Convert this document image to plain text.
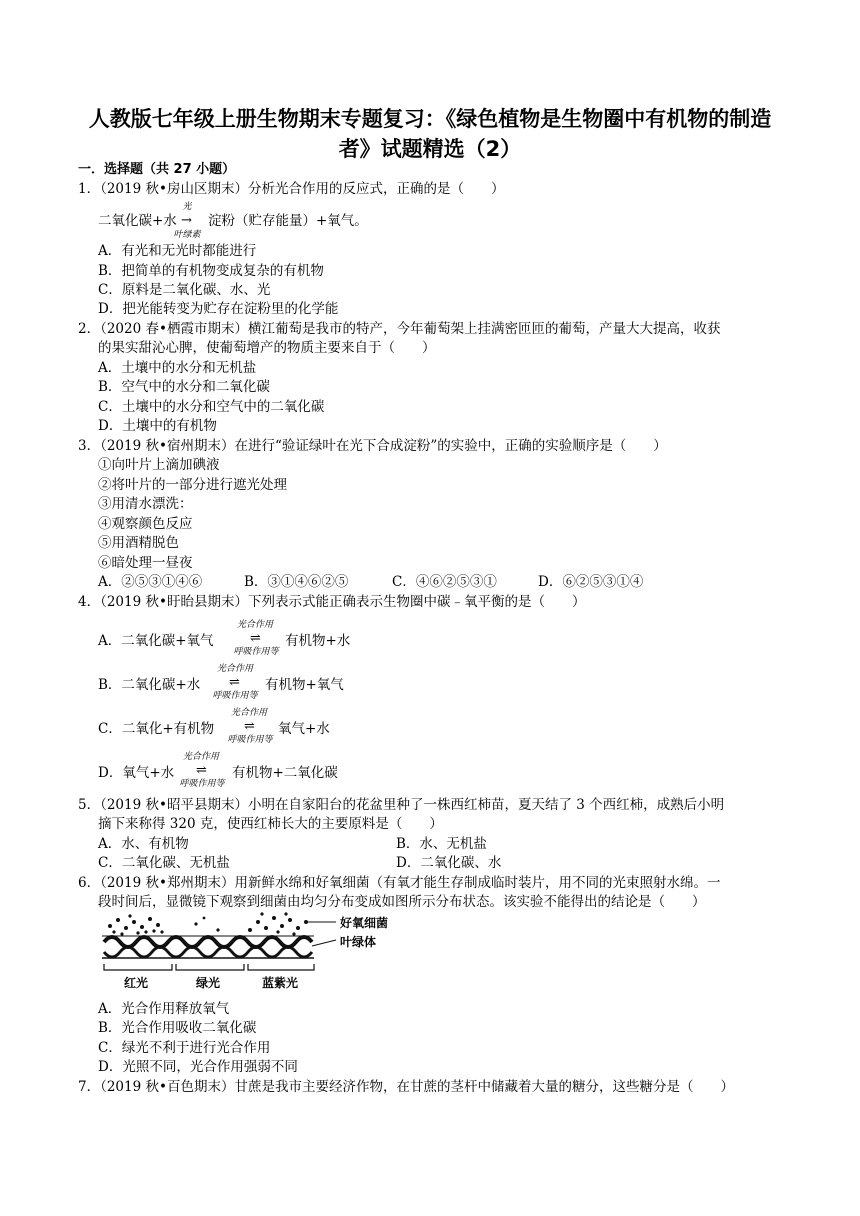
人教版七年级上册生物期末专题复习：《绿色植物是生物圈中有机物的制造
者》试题精选（2）
一．选择题（共 27 小题）
1．（2019 秋•房山区期末）分析光合作用的反应式，正确的是（　　）
二氧化碳+水
光
→
叶绿素
淀粉（贮存能量）+氧气。
A．有光和无光时都能进行
B．把简单的有机物变成复杂的有机物
C．原料是二氧化碳、水、光
D．把光能转变为贮存在淀粉里的化学能
2．（2020 春•栖霞市期末）横江葡萄是我市的特产，今年葡萄架上挂满密匝匝的葡萄，产量大大提高，收获
的果实甜沁心脾，使葡萄增产的物质主要来自于（　　）
A．土壤中的水分和无机盐
B．空气中的水分和二氧化碳
C．土壤中的水分和空气中的二氧化碳
D．土壤中的有机物
3．（2019 秋•宿州期末）在进行“验证绿叶在光下合成淀粉”的实验中，正确的实验顺序是（　　）
①向叶片上滴加碘液
②将叶片的一部分进行遮光处理
③用清水漂洗：
④观察颜色反应
⑤用酒精脱色
⑥暗处理一昼夜
A．②⑤③①④⑥	B．③①④⑥②⑤	C．④⑥②⑤③①	D．⑥②⑤③①④
4．（2019 秋•盱眙县期末）下列表示式能正确表示生物圈中碳﹣氧平衡的是（　　）
A．二氧化碳+氧气
光合作用
⇌
呼吸作用等
有机物+水
B．二氧化碳+水
光合作用
⇌
呼吸作用等
有机物+氧气
C．二氧化+有机物
光合作用
⇌
呼吸作用等
氧气+水
D．氧气+水
光合作用
⇌
呼吸作用等
有机物+二氧化碳
5．（2019 秋•昭平县期末）小明在自家阳台的花盆里种了一株西红柿苗，夏天结了 3 个西红柿，成熟后小明
摘下来称得 320 克，使西红柿长大的主要原料是（　　）
A．水、有机物	B．水、无机盐
C．二氧化碳、无机盐	D．二氧化碳、水
6．（2019 秋•郑州期末）用新鲜水绵和好氧细菌（有氧才能生存制成临时装片，用不同的光束照射水绵。一
段时间后，显微镜下观察到细菌由均匀分布变成如图所示分布状态。该实验不能得出的结论是（　　）
好氧细菌
叶绿体
红光	绿光	蓝紫光
A．光合作用释放氧气
B．光合作用吸收二氧化碳
C．绿光不利于进行光合作用
D．光照不同，光合作用强弱不同
7．（2019 秋•百色期末）甘蔗是我市主要经济作物，在甘蔗的茎杆中储藏着大量的糖分，这些糖分是（　　）
